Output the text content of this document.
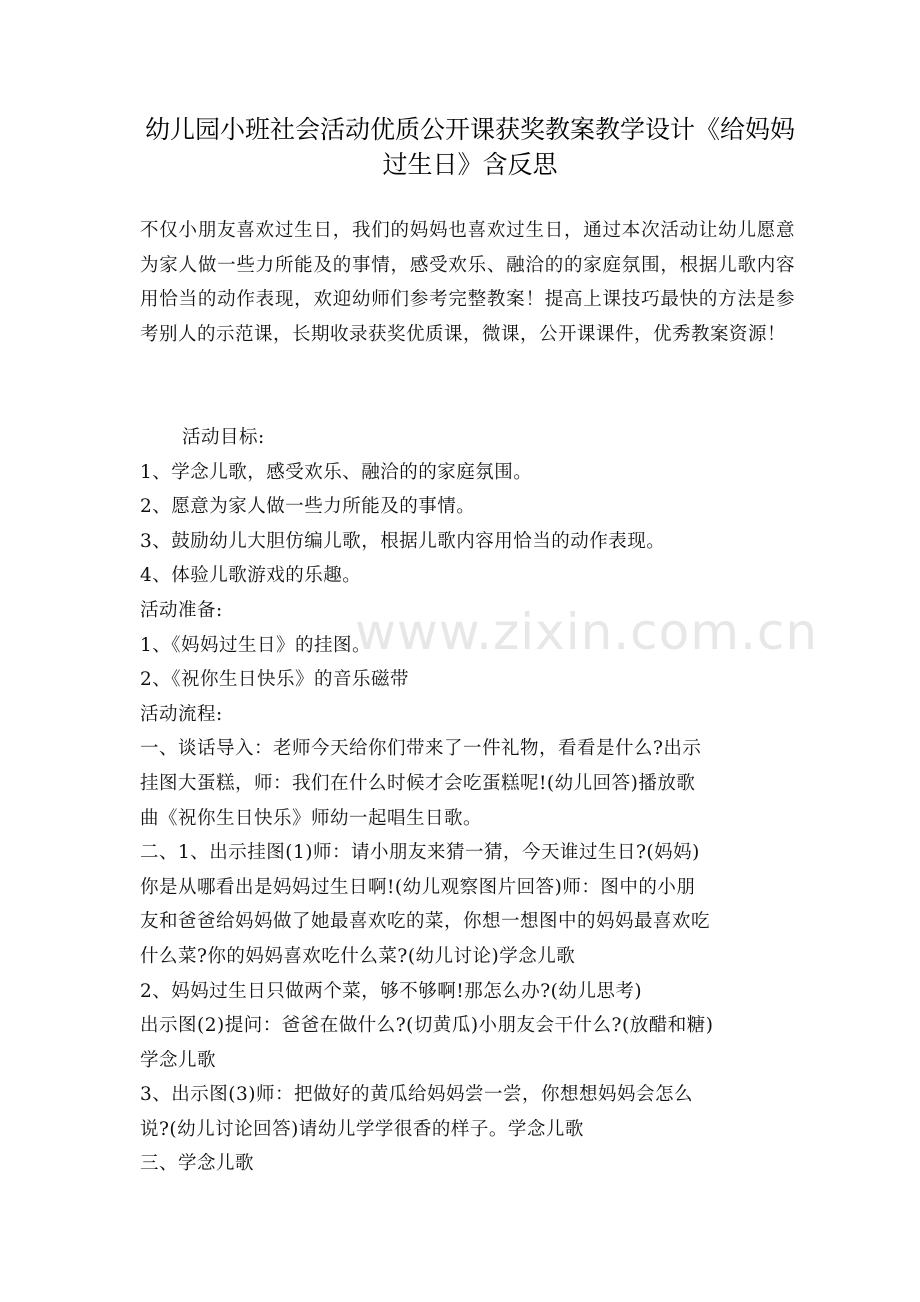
幼儿园小班社会活动优质公开课获奖教案教学设计《给妈妈过生日》含反思

不仅小朋友喜欢过生日，我们的妈妈也喜欢过生日，通过本次活动让幼儿愿意为家人做一些力所能及的事情，感受欢乐、融洽的的家庭氛围，根据儿歌内容用恰当的动作表现，欢迎幼师们参考完整教案！提高上课技巧最快的方法是参考别人的示范课，长期收录获奖优质课，微课，公开课课件，优秀教案资源！

活动目标:
1、学念儿歌，感受欢乐、融洽的的家庭氛围。
2、愿意为家人做一些力所能及的事情。
3、鼓励幼儿大胆仿编儿歌，根据儿歌内容用恰当的动作表现。
4、体验儿歌游戏的乐趣。
活动准备:
1、《妈妈过生日》的挂图。
2、《祝你生日快乐》的音乐磁带
活动流程:
一、谈话导入：老师今天给你们带来了一件礼物，看看是什么?出示
挂图大蛋糕，师：我们在什么时候才会吃蛋糕呢!(幼儿回答)播放歌
曲《祝你生日快乐》师幼一起唱生日歌。
二、1、出示挂图(1)师：请小朋友来猜一猜，今天谁过生日?(妈妈)
你是从哪看出是妈妈过生日啊!(幼儿观察图片回答)师：图中的小朋
友和爸爸给妈妈做了她最喜欢吃的菜，你想一想图中的妈妈最喜欢吃
什么菜?你的妈妈喜欢吃什么菜?(幼儿讨论)学念儿歌
2、妈妈过生日只做两个菜，够不够啊!那怎么办?(幼儿思考)
出示图(2)提问：爸爸在做什么?(切黄瓜)小朋友会干什么?(放醋和糖)
学念儿歌
3、出示图(3)师：把做好的黄瓜给妈妈尝一尝，你想想妈妈会怎么
说?(幼儿讨论回答)请幼儿学学很香的样子。学念儿歌
三、学念儿歌
www.zixin.com.cn
